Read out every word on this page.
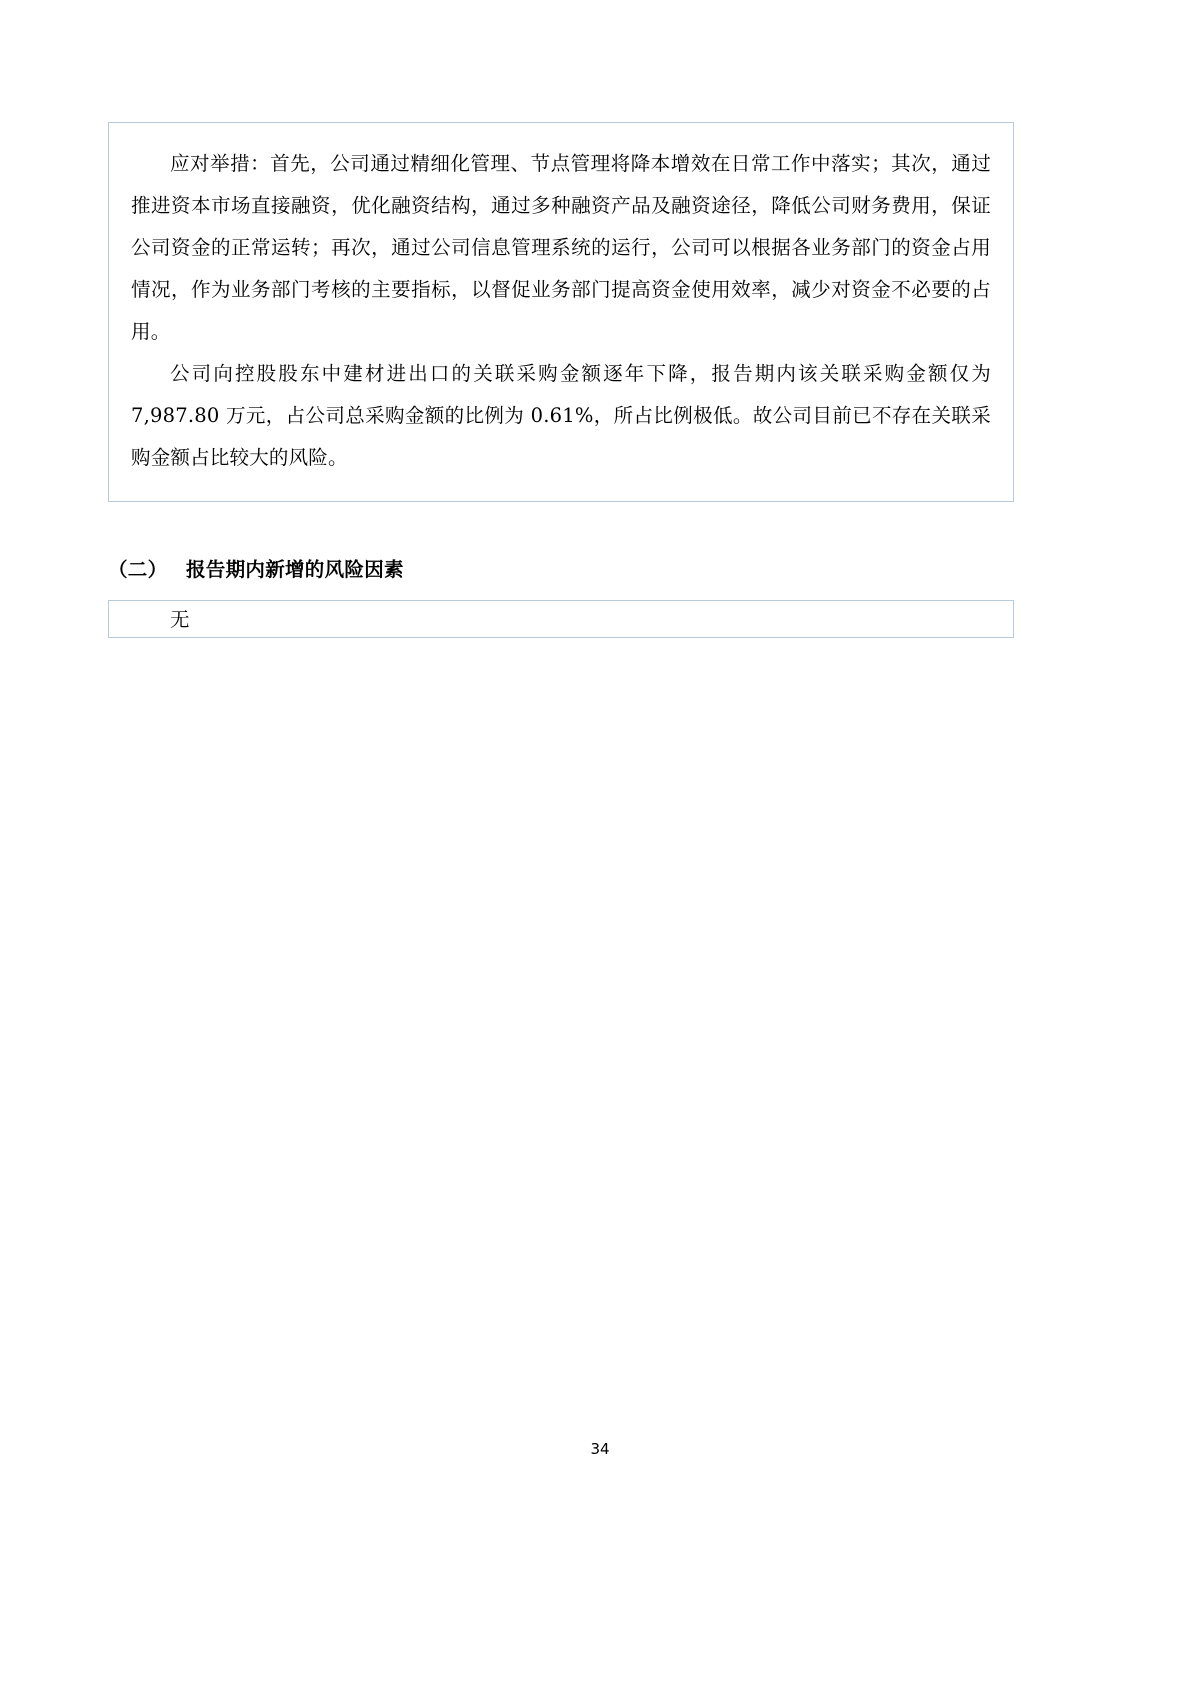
应对举措：首先，公司通过精细化管理、节点管理将降本增效在日常工作中落实；其次，通过推进资本市场直接融资，优化融资结构，通过多种融资产品及融资途径，降低公司财务费用，保证公司资金的正常运转；再次，通过公司信息管理系统的运行，公司可以根据各业务部门的资金占用情况，作为业务部门考核的主要指标，以督促业务部门提高资金使用效率，减少对资金不必要的占用。

公司向控股股东中建材进出口的关联采购金额逐年下降，报告期内该关联采购金额仅为 7,987.80 万元，占公司总采购金额的比例为 0.61%，所占比例极低。故公司目前已不存在关联采购金额占比较大的风险。

（二） 报告期内新增的风险因素

无

34
